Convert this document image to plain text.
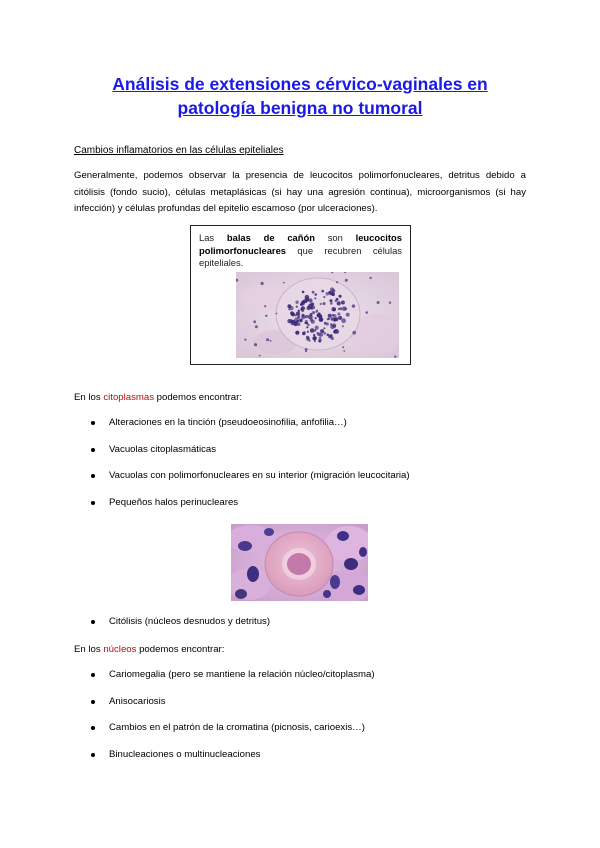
Análisis de extensiones cérvico-vaginales en
patología benigna no tumoral
Cambios inflamatorios en las células epiteliales
Generalmente, podemos observar la presencia de leucocitos polimorfonucleares, detritus debido a citólisis (fondo sucio), células metaplásicas (si hay una agresión continua), microorganismos (si hay infección) y células profundas del epitelio escamoso (por ulceraciones).
Las balas de cañón son leucocitos polimorfonucleares que recubren células epiteliales.
En los citoplasmas podemos encontrar:
Alteraciones en la tinción (pseudoeosinofilia, anfofilia…)
Vacuolas citoplasmáticas
Vacuolas con polimorfonucleares en su interior (migración leucocitaria)
Pequeños halos perinucleares
Citólisis (núcleos desnudos y detritus)
En los núcleos podemos encontrar:
Cariomegalia (pero se mantiene la relación núcleo/citoplasma)
Anisocariosis
Cambios en el patrón de la cromatina (picnosis, carioexis…)
Binucleaciones o multinucleaciones
